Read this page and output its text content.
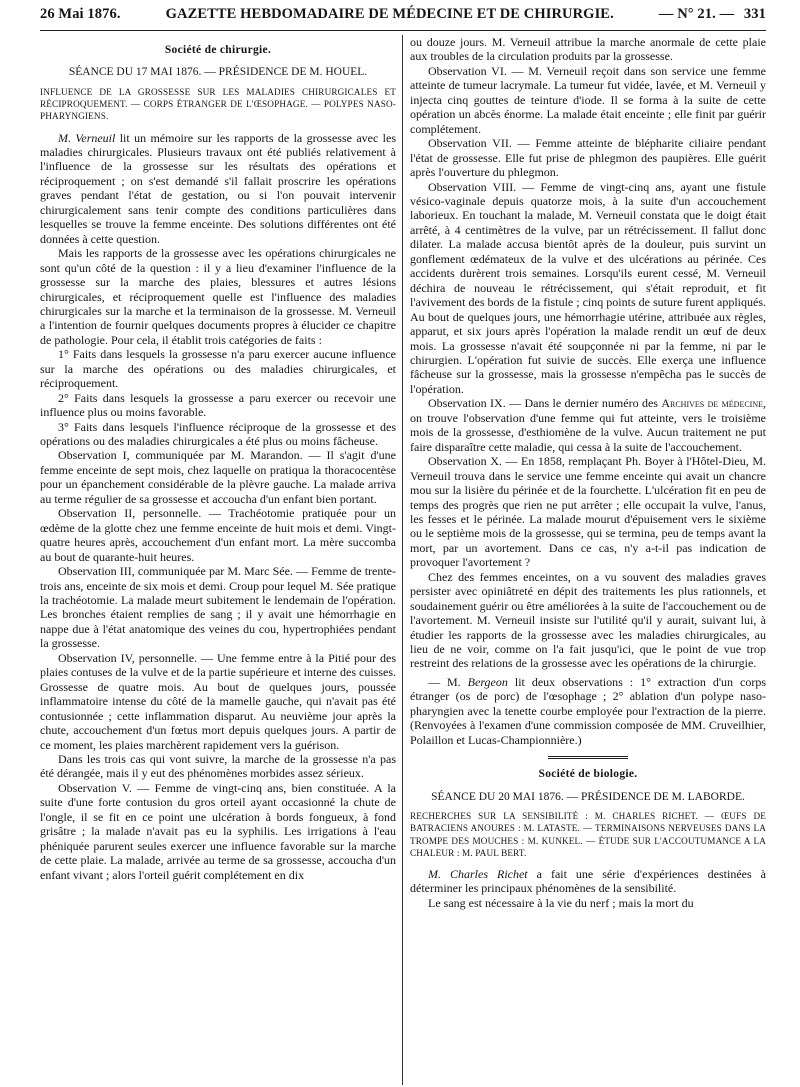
26 Mai 1876.	GAZETTE HEBDOMADAIRE DE MÉDECINE ET DE CHIRURGIE.	— N° 21. — 331
Société de chirurgie.
SÉANCE DU 17 MAI 1876. — PRÉSIDENCE DE M. HOUEL.
INFLUENCE DE LA GROSSESSE SUR LES MALADIES CHIRURGICALES ET RÉCIPROQUEMENT. — CORPS ÉTRANGER DE L'ŒSOPHAGE. — POLYPES NASO-PHARYNGIENS.

M. Verneuil lit un mémoire sur les rapports de la grossesse avec les maladies chirurgicales. Plusieurs travaux ont été publiés relativement à l'influence de la grossesse sur les résultats des opérations et réciproquement ; on s'est demandé s'il fallait proscrire les opérations graves pendant l'état de gestation, ou si l'on pouvait intervenir chirurgicalement sans tenir compte des conditions particulières dans lesquelles se trouve la femme enceinte. Des solutions différentes ont été données à cette question.

Mais les rapports de la grossesse avec les opérations chirurgicales ne sont qu'un côté de la question : il y a lieu d'examiner l'influence de la grossesse sur la marche des plaies, blessures et autres lésions chirurgicales, et réciproquement quelle est l'influence des maladies chirurgicales sur la marche et la terminaison de la grossesse. M. Verneuil a l'intention de fournir quelques documents propres à élucider ce chapitre de pathologie. Pour cela, il établit trois catégories de faits :

1° Faits dans lesquels la grossesse n'a paru exercer aucune influence sur la marche des opérations ou des maladies chirurgicales, et réciproquement.

2° Faits dans lesquels la grossesse a paru exercer ou recevoir une influence plus ou moins favorable.

3° Faits dans lesquels l'influence réciproque de la grossesse et des opérations ou des maladies chirurgicales a été plus ou moins fâcheuse.

Observation I, communiquée par M. Marandon. — Il s'agit d'une femme enceinte de sept mois, chez laquelle on pratiqua la thoracocentèse pour un épanchement considérable de la plèvre gauche. La malade arriva au terme régulier de sa grossesse et accoucha d'un enfant bien portant.

Observation II, personnelle. — Trachéotomie pratiquée pour un œdème de la glotte chez une femme enceinte de huit mois et demi. Vingt-quatre heures après, accouchement d'un enfant mort. La mère succomba au bout de quarante-huit heures.

Observation III, communiquée par M. Marc Sée. — Femme de trente-trois ans, enceinte de six mois et demi. Croup pour lequel M. Sée pratique la trachéotomie. La malade meurt subitement le lendemain de l'opération. Les bronches étaient remplies de sang ; il y avait une hémorrhagie en nappe due à l'état anatomique des veines du cou, hypertrophiées pendant la grossesse.

Observation IV, personnelle. — Une femme entre à la Pitié pour des plaies contuses de la vulve et de la partie supérieure et interne des cuisses. Grossesse de quatre mois. Au bout de quelques jours, poussée inflammatoire intense du côté de la mamelle gauche, qui n'avait pas été contusionnée ; cette inflammation disparut. Au neuvième jour après la chute, accouchement d'un fœtus mort depuis quelques jours. A partir de ce moment, les plaies marchèrent rapidement vers la guérison.

Dans les trois cas qui vont suivre, la marche de la grossesse n'a pas été dérangée, mais il y eut des phénomènes morbides assez sérieux.

Observation V. — Femme de vingt-cinq ans, bien constituée. A la suite d'une forte contusion du gros orteil ayant occasionné la chute de l'ongle, il se fit en ce point une ulcération à bords fongueux, à fond grisâtre ; la malade n'avait pas eu la syphilis. Les irrigations à l'eau phéniquée parurent seules exercer une influence favorable sur la marche de cette plaie. La malade, arrivée au terme de sa grossesse, accoucha d'un enfant vivant ; alors l'orteil guérit complétement en dix

ou douze jours. M. Verneuil attribue la marche anormale de cette plaie aux troubles de la circulation produits par la grossesse.

Observation VI. — M. Verneuil reçoit dans son service une femme atteinte de tumeur lacrymale. La tumeur fut vidée, lavée, et M. Verneuil y injecta cinq gouttes de teinture d'iode. Il se forma à la suite de cette opération un abcès énorme. La malade était enceinte ; elle finit par guérir complétement.

Observation VII. — Femme atteinte de blépharite ciliaire pendant l'état de grossesse. Elle fut prise de phlegmon des paupières. Elle guérit après l'ouverture du phlegmon.

Observation VIII. — Femme de vingt-cinq ans, ayant une fistule vésico-vaginale depuis quatorze mois, à la suite d'un accouchement laborieux. En touchant la malade, M. Verneuil constata que le doigt était arrêté, à 4 centimètres de la vulve, par un rétrécissement. Il fallut donc dilater. La malade accusa bientôt après de la douleur, puis survint un gonflement œdémateux de la vulve et des ulcérations au périnée. Ces accidents durèrent trois semaines. Lorsqu'ils eurent cessé, M. Verneuil déchira de nouveau le rétrécissement, qui s'était reproduit, et fit l'avivement des bords de la fistule ; cinq points de suture furent appliqués. Au bout de quelques jours, une hémorrhagie utérine, attribuée aux règles, apparut, et six jours après l'opération la malade rendit un œuf de deux mois. La grossesse n'avait été soupçonnée ni par la femme, ni par le chirurgien. L'opération fut suivie de succès. Elle exerça une influence fâcheuse sur la grossesse, mais la grossesse n'empêcha pas le succès de l'opération.

Observation IX. — Dans le dernier numéro des Archives de médecine, on trouve l'observation d'une femme qui fut atteinte, vers le troisième mois de la grossesse, d'esthiomène de la vulve. Aucun traitement ne put faire disparaître cette maladie, qui cessa à la suite de l'accouchement.

Observation X. — En 1858, remplaçant Ph. Boyer à l'Hôtel-Dieu, M. Verneuil trouva dans le service une femme enceinte qui avait un chancre mou sur la lisière du périnée et de la fourchette. L'ulcération fit en peu de temps des progrès que rien ne put arrêter ; elle occupait la vulve, l'anus, les fesses et le périnée. La malade mourut d'épuisement vers le sixième ou le septième mois de la grossesse, qui se termina, peu de temps avant la mort, par un avortement. Dans ce cas, n'y a-t-il pas indication de provoquer l'avortement ?

Chez des femmes enceintes, on a vu souvent des maladies graves persister avec opiniâtreté en dépit des traitements les plus rationnels, et soudainement guérir ou être améliorées à la suite de l'accouchement ou de l'avortement. M. Verneuil insiste sur l'utilité qu'il y aurait, suivant lui, à étudier les rapports de la grossesse avec les maladies chirurgicales, au lieu de ne voir, comme on l'a fait jusqu'ici, que le point de vue trop restreint des relations de la grossesse avec les opérations de la chirurgie.

— M. Bergeon lit deux observations : 1° extraction d'un corps étranger (os de porc) de l'œsophage ; 2° ablation d'un polype naso-pharyngien avec la tenette courbe employée pour l'extraction de la pierre. (Renvoyées à l'examen d'une commission composée de MM. Cruveilhier, Polaillon et Lucas-Championnière.)

Société de biologie.
SÉANCE DU 20 MAI 1876. — PRÉSIDENCE DE M. LABORDE.
RECHERCHES SUR LA SENSIBILITÉ : M. CHARLES RICHET. — ŒUFS DE BATRACIENS ANOURES : M. LATASTE. — TERMINAISONS NERVEUSES DANS LA TROMPE DES MOUCHES : M. KUNKEL. — ÉTUDE SUR L'ACCOUTUMANCE A LA CHALEUR : M. PAUL BERT.

M. Charles Richet a fait une série d'expériences destinées à déterminer les principaux phénomènes de la sensibilité.

Le sang est nécessaire à la vie du nerf ; mais la mort du
